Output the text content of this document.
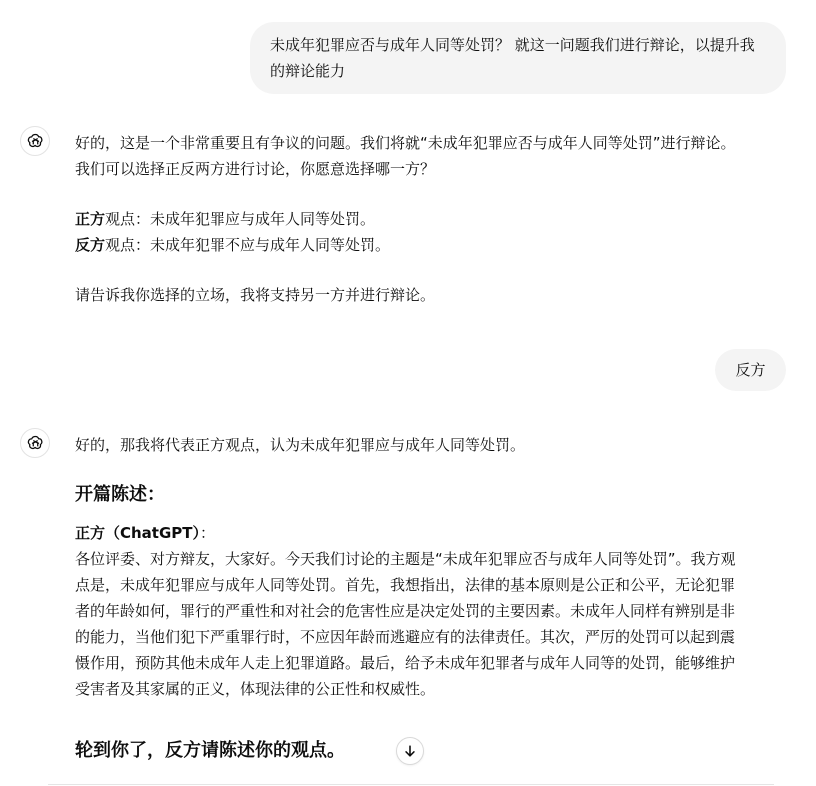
未成年犯罪应否与成年人同等处罚？ 就这一问题我们进行辩论，以提升我的辩论能力

好的，这是一个非常重要且有争议的问题。我们将就“未成年犯罪应否与成年人同等处罚”进行辩论。
我们可以选择正反两方进行讨论，你愿意选择哪一方？

正方观点：未成年犯罪应与成年人同等处罚。
反方观点：未成年犯罪不应与成年人同等处罚。

请告诉我你选择的立场，我将支持另一方并进行辩论。

反方

好的，那我将代表正方观点，认为未成年犯罪应与成年人同等处罚。

开篇陈述：

正方（ChatGPT）：
各位评委、对方辩友，大家好。今天我们讨论的主题是“未成年犯罪应否与成年人同等处罚”。我方观
点是，未成年犯罪应与成年人同等处罚。首先，我想指出，法律的基本原则是公正和公平，无论犯罪
者的年龄如何，罪行的严重性和对社会的危害性应是决定处罚的主要因素。未成年人同样有辨别是非
的能力，当他们犯下严重罪行时，不应因年龄而逃避应有的法律责任。其次，严厉的处罚可以起到震
慑作用，预防其他未成年人走上犯罪道路。最后，给予未成年犯罪者与成年人同等的处罚，能够维护
受害者及其家属的正义，体现法律的公正性和权威性。

轮到你了，反方请陈述你的观点。
